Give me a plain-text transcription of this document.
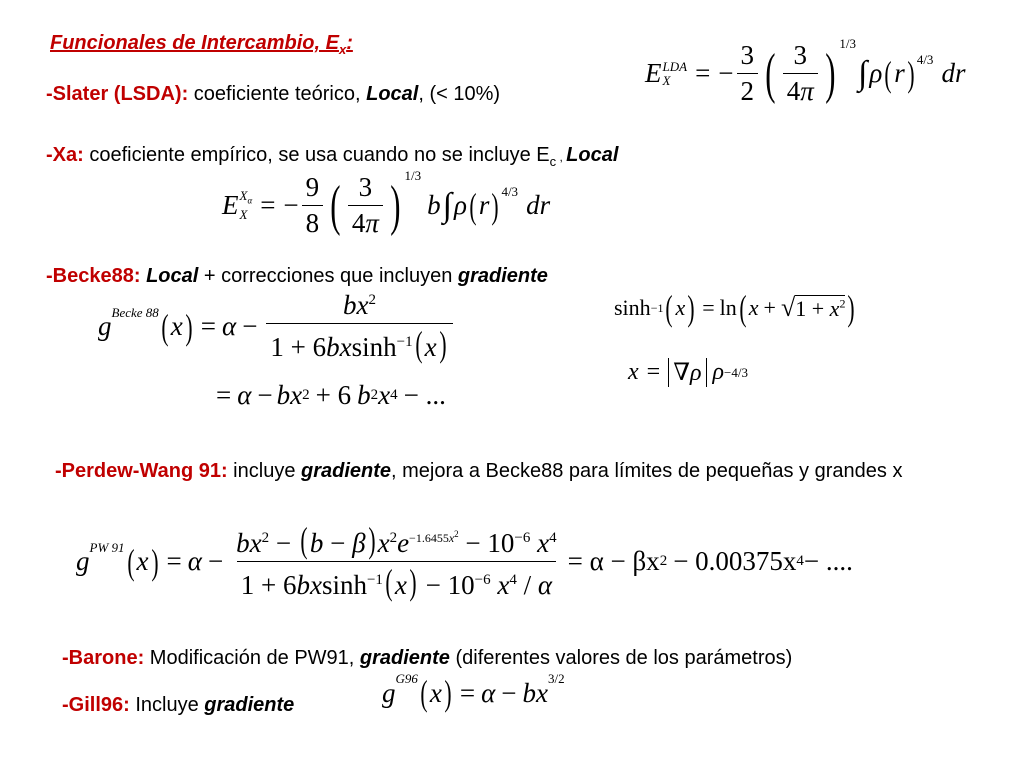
Funcionales de Intercambio, $E_x$:
-Slater (LSDA): coeficiente teórico, Local, (< 10%)
E LDA
X = − $\frac{3}{2}$ ( $\frac{3}{4\pi}$ ) 1/3
∫ ρ ( r ) 4/3 dr
-Xa: coeficiente empírico, se usa cuando no se incluye $E_c$ , Local
E $X_\alpha$
X = − $\frac{9}{8}$ ( $\frac{3}{4\pi}$ ) 1/3
b ∫ ρ ( r ) 4/3 dr
-Becke88: Local + correcciones que incluyen gradiente
g Becke 88 ( x ) = $\alpha - \frac{bx^2}{1 + 6bxsinh^{-1}(x)}$
= α − bx 2 + 6 b 2 x 4 − ...
sinh −1 ( x ) = ln ( x + √ $1 + x^2$ )
x = ∇ρ ρ −4/3
-Perdew-Wang 91: incluye gradiente, mejora a Becke88 para límites de pequeñas y grandes x
g PW 91 ( x ) = $\alpha - \frac{bx^2 - (b - \beta)x^2e^{-1.6455x^2} - 10^{-6} x^4}{1 + 6bxsinh^{-1}(x) - 10^{-6} x^4 / \alpha} = \alpha - \beta x$ 2 − 0.00375x 4 − ....
-Barone: Modificación de PW91, gradiente (diferentes valores de los parámetros)
-Gill96: Incluye gradiente	g G96 ( x ) = α − bx 3/2
